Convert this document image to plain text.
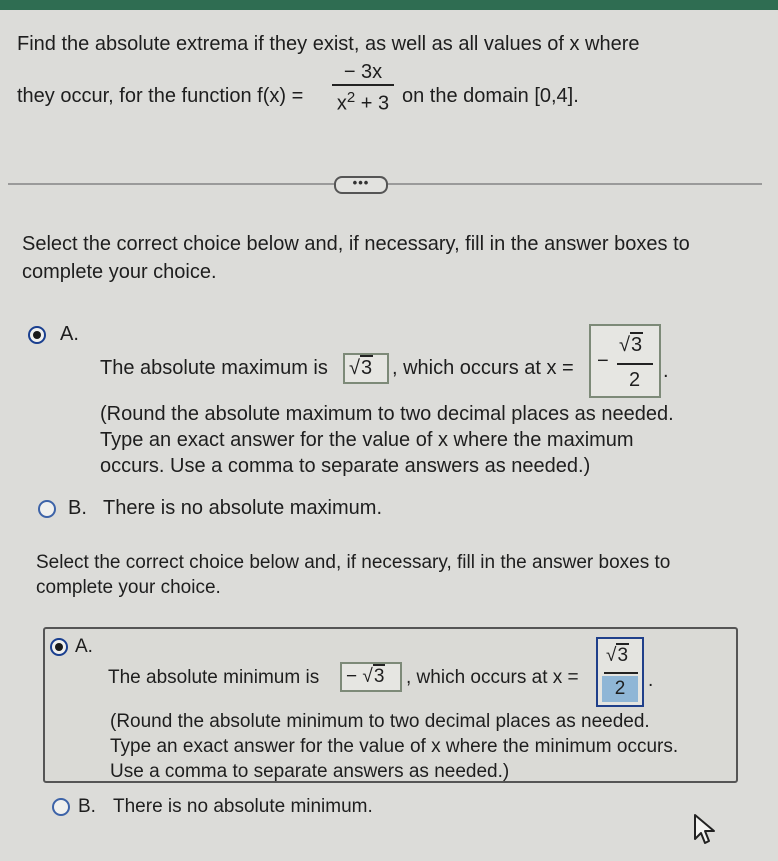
Find the absolute extrema if they exist, as well as all values of x where
they occur, for the function f(x) =
− 3x
$x^2 + 3$ on the domain [0,4].
•••
Select the correct choice below and, if necessary, fill in the answer boxes to
complete your choice.
A.
The absolute maximum is	√3 , which occurs at x = −
√3
2 .
(Round the absolute maximum to two decimal places as needed.
Type an exact answer for the value of x where the maximum
occurs. Use a comma to separate answers as needed.)
B. There is no absolute maximum.
Select the correct choice below and, if necessary, fill in the answer boxes to
complete your choice.
A.
The absolute minimum is	− √3	, which occurs at x =
√3
2	.
(Round the absolute minimum to two decimal places as needed.
Type an exact answer for the value of x where the minimum occurs.
Use a comma to separate answers as needed.)
B. There is no absolute minimum.
